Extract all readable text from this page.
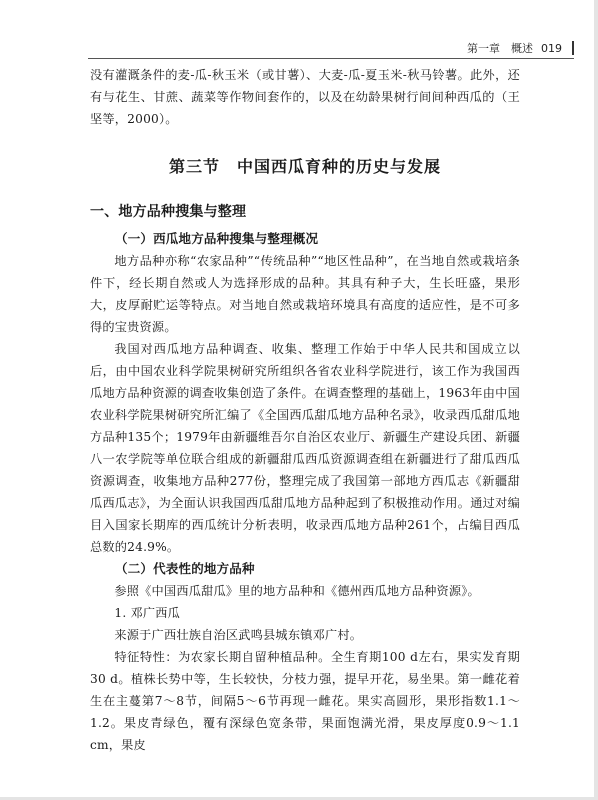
第一章　概述 019

没有灌溉条件的麦-瓜-秋玉米（或甘薯）、大麦-瓜-夏玉米-秋马铃薯。此外，还有与花生、甘蔗、蔬菜等作物间套作的，以及在幼龄果树行间间种西瓜的（王坚等，2000）。

第三节　中国西瓜育种的历史与发展
一、地方品种搜集与整理
（一）西瓜地方品种搜集与整理概况

地方品种亦称“农家品种”“传统品种”“地区性品种”，在当地自然或栽培条件下，经长期自然或人为选择形成的品种。其具有种子大，生长旺盛，果形大，皮厚耐贮运等特点。对当地自然或栽培环境具有高度的适应性，是不可多得的宝贵资源。

我国对西瓜地方品种调查、收集、整理工作始于中华人民共和国成立以后，由中国农业科学院果树研究所组织各省农业科学院进行，该工作为我国西瓜地方品种资源的调查收集创造了条件。在调查整理的基础上，1963年由中国农业科学院果树研究所汇编了《全国西瓜甜瓜地方品种名录》，收录西瓜甜瓜地方品种135个；1979年由新疆维吾尔自治区农业厅、新疆生产建设兵团、新疆八一农学院等单位联合组成的新疆甜瓜西瓜资源调查组在新疆进行了甜瓜西瓜资源调查，收集地方品种277份，整理完成了我国第一部地方西瓜志《新疆甜瓜西瓜志》，为全面认识我国西瓜甜瓜地方品种起到了积极推动作用。通过对编目入国家长期库的西瓜统计分析表明，收录西瓜地方品种261个，占编目西瓜总数的24.9%。

（二）代表性的地方品种

参照《中国西瓜甜瓜》里的地方品种和《德州西瓜地方品种资源》。

1. 邓广西瓜

来源于广西壮族自治区武鸣县城东镇邓广村。

特征特性：为农家长期自留种植品种。全生育期100 d左右，果实发育期30 d。植株长势中等，生长较快，分枝力强，提早开花，易坐果。第一雌花着生在主蔓第7～8节，间隔5～6节再现一雌花。果实高圆形，果形指数1.1～1.2。果皮青绿色，覆有深绿色宽条带，果面饱满光滑，果皮厚度0.9～1.1 cm，果皮
